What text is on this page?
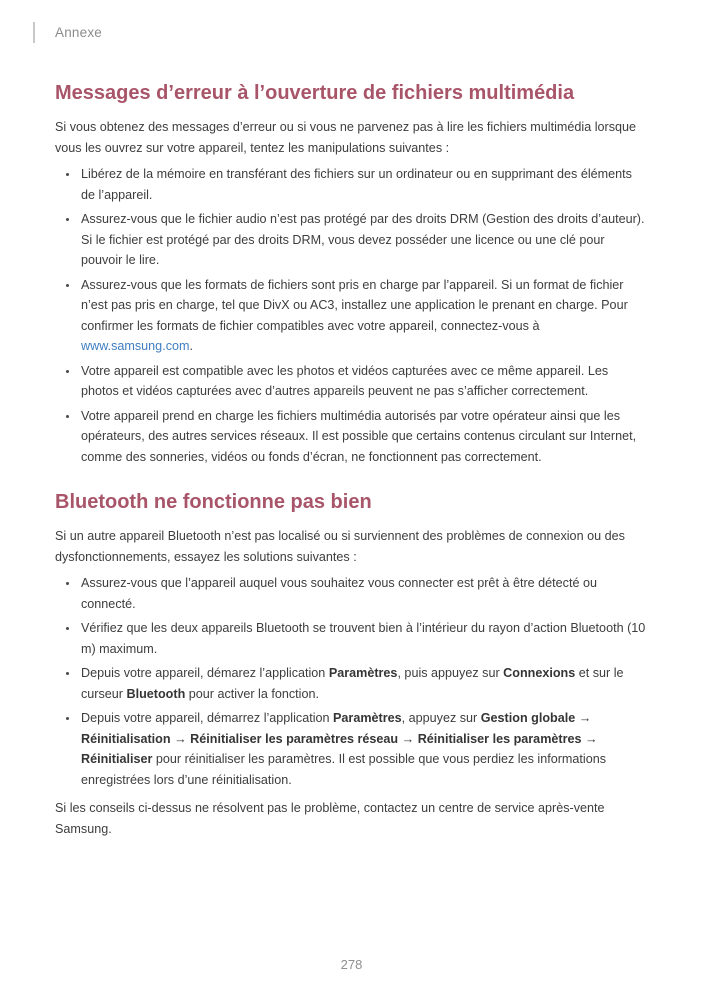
Annexe
Messages d’erreur à l’ouverture de fichiers multimédia

Si vous obtenez des messages d’erreur ou si vous ne parvenez pas à lire les fichiers multimédia lorsque vous les ouvrez sur votre appareil, tentez les manipulations suivantes :

Libérez de la mémoire en transférant des fichiers sur un ordinateur ou en supprimant des éléments de l’appareil.
Assurez-vous que le fichier audio n’est pas protégé par des droits DRM (Gestion des droits d’auteur). Si le fichier est protégé par des droits DRM, vous devez posséder une licence ou une clé pour pouvoir le lire.
Assurez-vous que les formats de fichiers sont pris en charge par l’appareil. Si un format de fichier n’est pas pris en charge, tel que DivX ou AC3, installez une application le prenant en charge. Pour confirmer les formats de fichier compatibles avec votre appareil, connectez-vous à www.samsung.com.
Votre appareil est compatible avec les photos et vidéos capturées avec ce même appareil. Les photos et vidéos capturées avec d’autres appareils peuvent ne pas s’afficher correctement.
Votre appareil prend en charge les fichiers multimédia autorisés par votre opérateur ainsi que les opérateurs, des autres services réseaux. Il est possible que certains contenus circulant sur Internet, comme des sonneries, vidéos ou fonds d’écran, ne fonctionnent pas correctement.
Bluetooth ne fonctionne pas bien

Si un autre appareil Bluetooth n’est pas localisé ou si surviennent des problèmes de connexion ou des dysfonctionnements, essayez les solutions suivantes :

Assurez-vous que l’appareil auquel vous souhaitez vous connecter est prêt à être détecté ou connecté.
Vérifiez que les deux appareils Bluetooth se trouvent bien à l’intérieur du rayon d’action Bluetooth (10 m) maximum.
Depuis votre appareil, démarez l’application Paramètres, puis appuyez sur Connexions et sur le curseur Bluetooth pour activer la fonction.
Depuis votre appareil, démarrez l’application Paramètres, appuyez sur Gestion globale → Réinitialisation → Réinitialiser les paramètres réseau → Réinitialiser les paramètres → Réinitialiser pour réinitialiser les paramètres. Il est possible que vous perdiez les informations enregistrées lors d’une réinitialisation.

Si les conseils ci-dessus ne résolvent pas le problème, contactez un centre de service après-vente Samsung.

278
